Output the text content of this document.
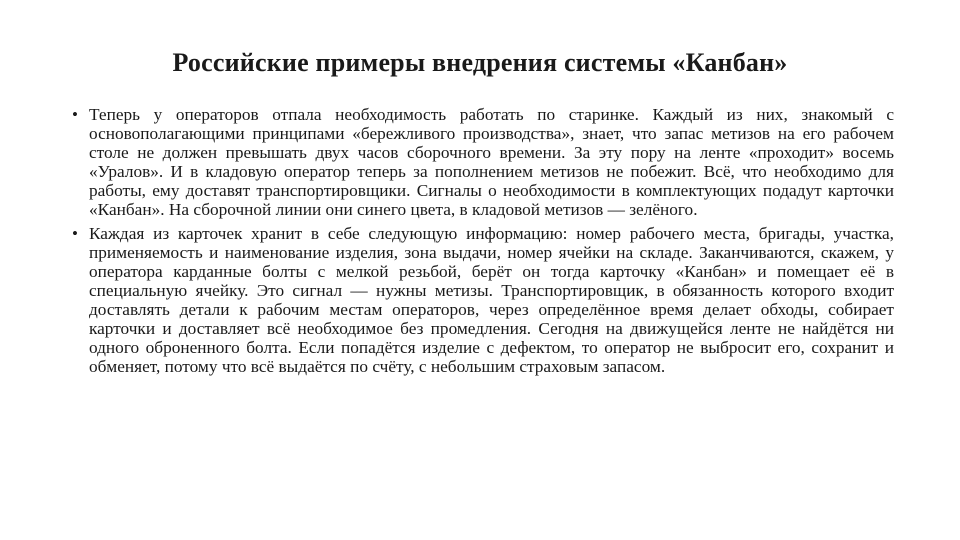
Российские примеры внедрения системы «Канбан»
• Теперь у операторов отпала необходимость работать по старинке. Каждый из них, знакомый с основополагающими принципами «бережливого производства», знает, что запас метизов на его рабочем столе не должен превышать двух часов сборочного времени. За эту пору на ленте «проходит» восемь «Уралов». И в кладовую оператор теперь за пополнением метизов не побежит. Всё, что необходимо для работы, ему доставят транспортировщики. Сигналы о необходимости в комплектующих подадут карточки «Канбан». На сборочной линии они синего цвета, в кладовой метизов — зелёного.
• Каждая из карточек хранит в себе следующую информацию: номер рабочего места, бригады, участка, применяемость и наименование изделия, зона выдачи, номер ячейки на складе. Заканчиваются, скажем, у оператора карданные болты с мелкой резьбой, берёт он тогда карточку «Канбан» и помещает её в специальную ячейку. Это сигнал — нужны метизы. Транспортировщик, в обязанность которого входит доставлять детали к рабочим местам операторов, через определённое время делает обходы, собирает карточки и доставляет всё необходимое без промедления. Сегодня на движущейся ленте не найдётся ни одного оброненного болта. Если попадётся изделие с дефектом, то оператор не выбросит его, сохранит и обменяет, потому что всё выдаётся по счёту, с небольшим страховым запасом.
